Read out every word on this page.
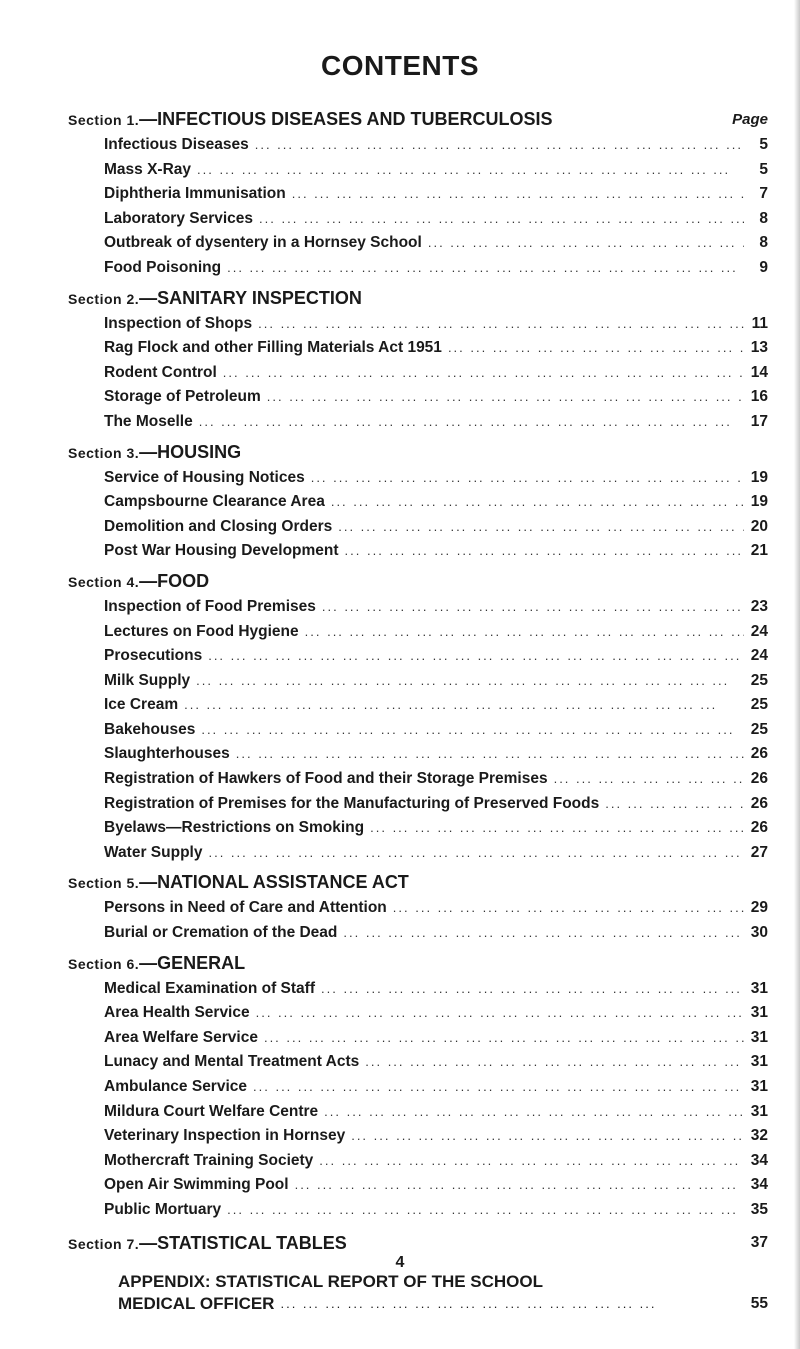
CONTENTS
Section 1.—INFECTIOUS DISEASES AND TUBERCULOSIS	Page
Infectious Diseases ... .	5
Mass X-Ray ... .	5
Diphtheria Immunisation ... .	7
Laboratory Services ... .	8
Outbreak of dysentery in a Hornsey School ... .	8
Food Poisoning ... .	9
Section 2.—SANITARY INSPECTION
Inspection of Shops ... .	11
Rag Flock and other Filling Materials Act 1951 ... .	13
Rodent Control ... .	14
Storage of Petroleum ... .	16
The Moselle ... .	17
Section 3.—HOUSING
Service of Housing Notices ... .	19
Campsbourne Clearance Area ... .	19
Demolition and Closing Orders ... .	20
Post War Housing Development ... .	21
Section 4.—FOOD
Inspection of Food Premises ... .	23
Lectures on Food Hygiene ... .	24
Prosecutions ... .	24
Milk Supply ... .	25
Ice Cream ... .	25
Bakehouses ... .	25
Slaughterhouses ... .	26
Registration of Hawkers of Food and their Storage Premises ... .	26
Registration of Premises for the Manufacturing of Preserved Foods ... .	26
Byelaws—Restrictions on Smoking ... .	26
Water Supply ... .	27
Section 5.—NATIONAL ASSISTANCE ACT
Persons in Need of Care and Attention ... .	29
Burial or Cremation of the Dead ... .	30
Section 6.—GENERAL
Medical Examination of Staff ... .	31
Area Health Service ... .	31
Area Welfare Service ... .	31
Lunacy and Mental Treatment Acts ... .	31
Ambulance Service ... .	31
Mildura Court Welfare Centre ... .	31
Veterinary Inspection in Hornsey ... .	32
Mothercraft Training Society ... .	34
Open Air Swimming Pool ... .	34
Public Mortuary ... .	35
Section 7.—STATISTICAL TABLES	37
APPENDIX: STATISTICAL REPORT OF THE SCHOOL
MEDICAL OFFICER ... .	55
4
